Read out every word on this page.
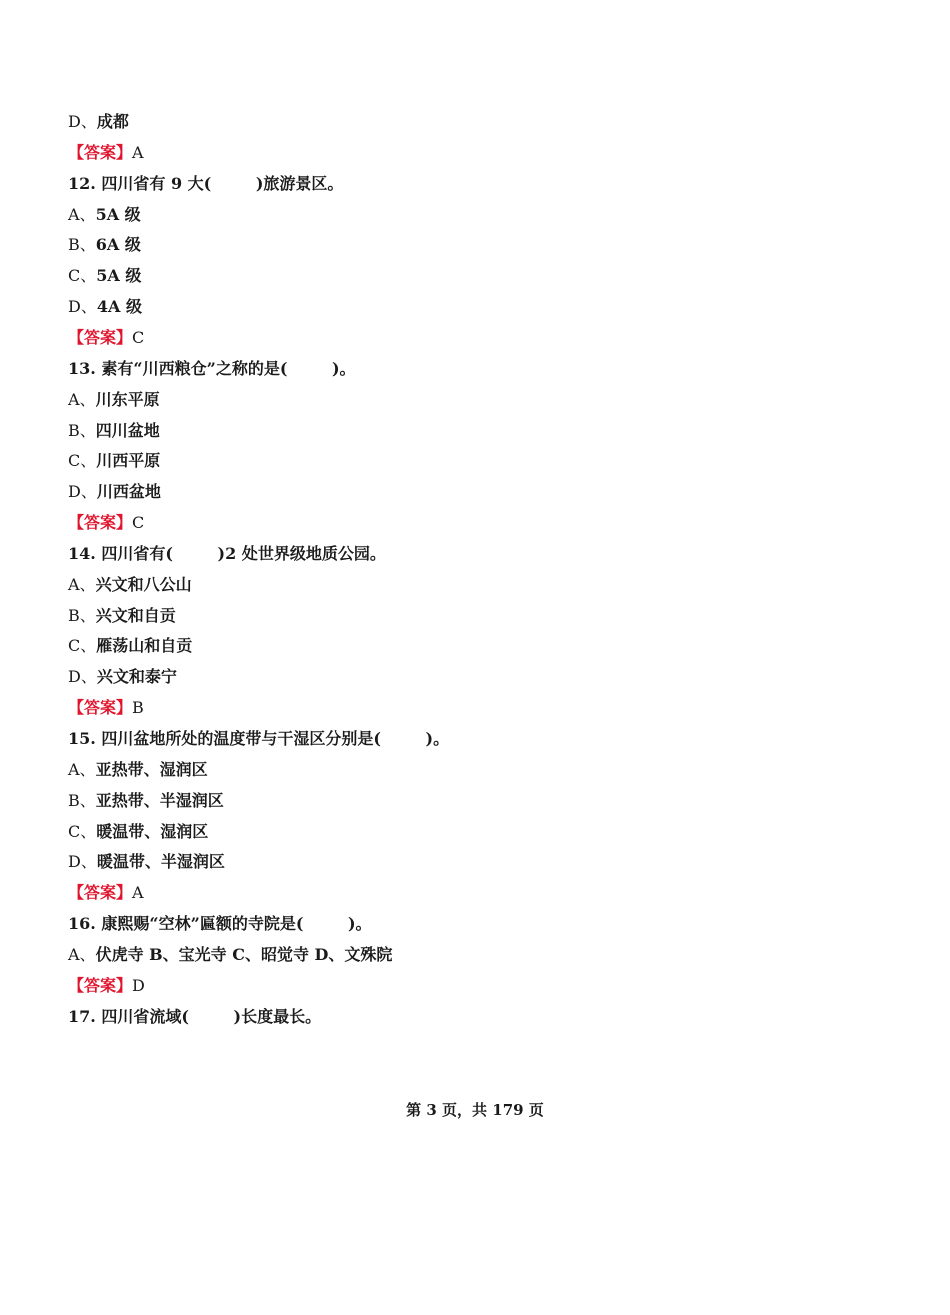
D、成都
【答案】A
12. 四川省有 9 大(        )旅游景区。
A、5A 级
B、6A 级
C、5A 级
D、4A 级
【答案】C
13. 素有“川西粮仓”之称的是(        )。
A、川东平原
B、四川盆地
C、川西平原
D、川西盆地
【答案】C
14. 四川省有(        )2 处世界级地质公园。
A、兴文和八公山
B、兴文和自贡
C、雁荡山和自贡
D、兴文和泰宁
【答案】B
15. 四川盆地所处的温度带与干湿区分别是(        )。
A、亚热带、湿润区
B、亚热带、半湿润区
C、暖温带、湿润区
D、暖温带、半湿润区
【答案】A
16. 康熙赐“空林”匾额的寺院是(        )。
A、伏虎寺 B、宝光寺 C、昭觉寺 D、文殊院
【答案】D
17. 四川省流域(        )长度最长。
第 3 页，共 179 页
